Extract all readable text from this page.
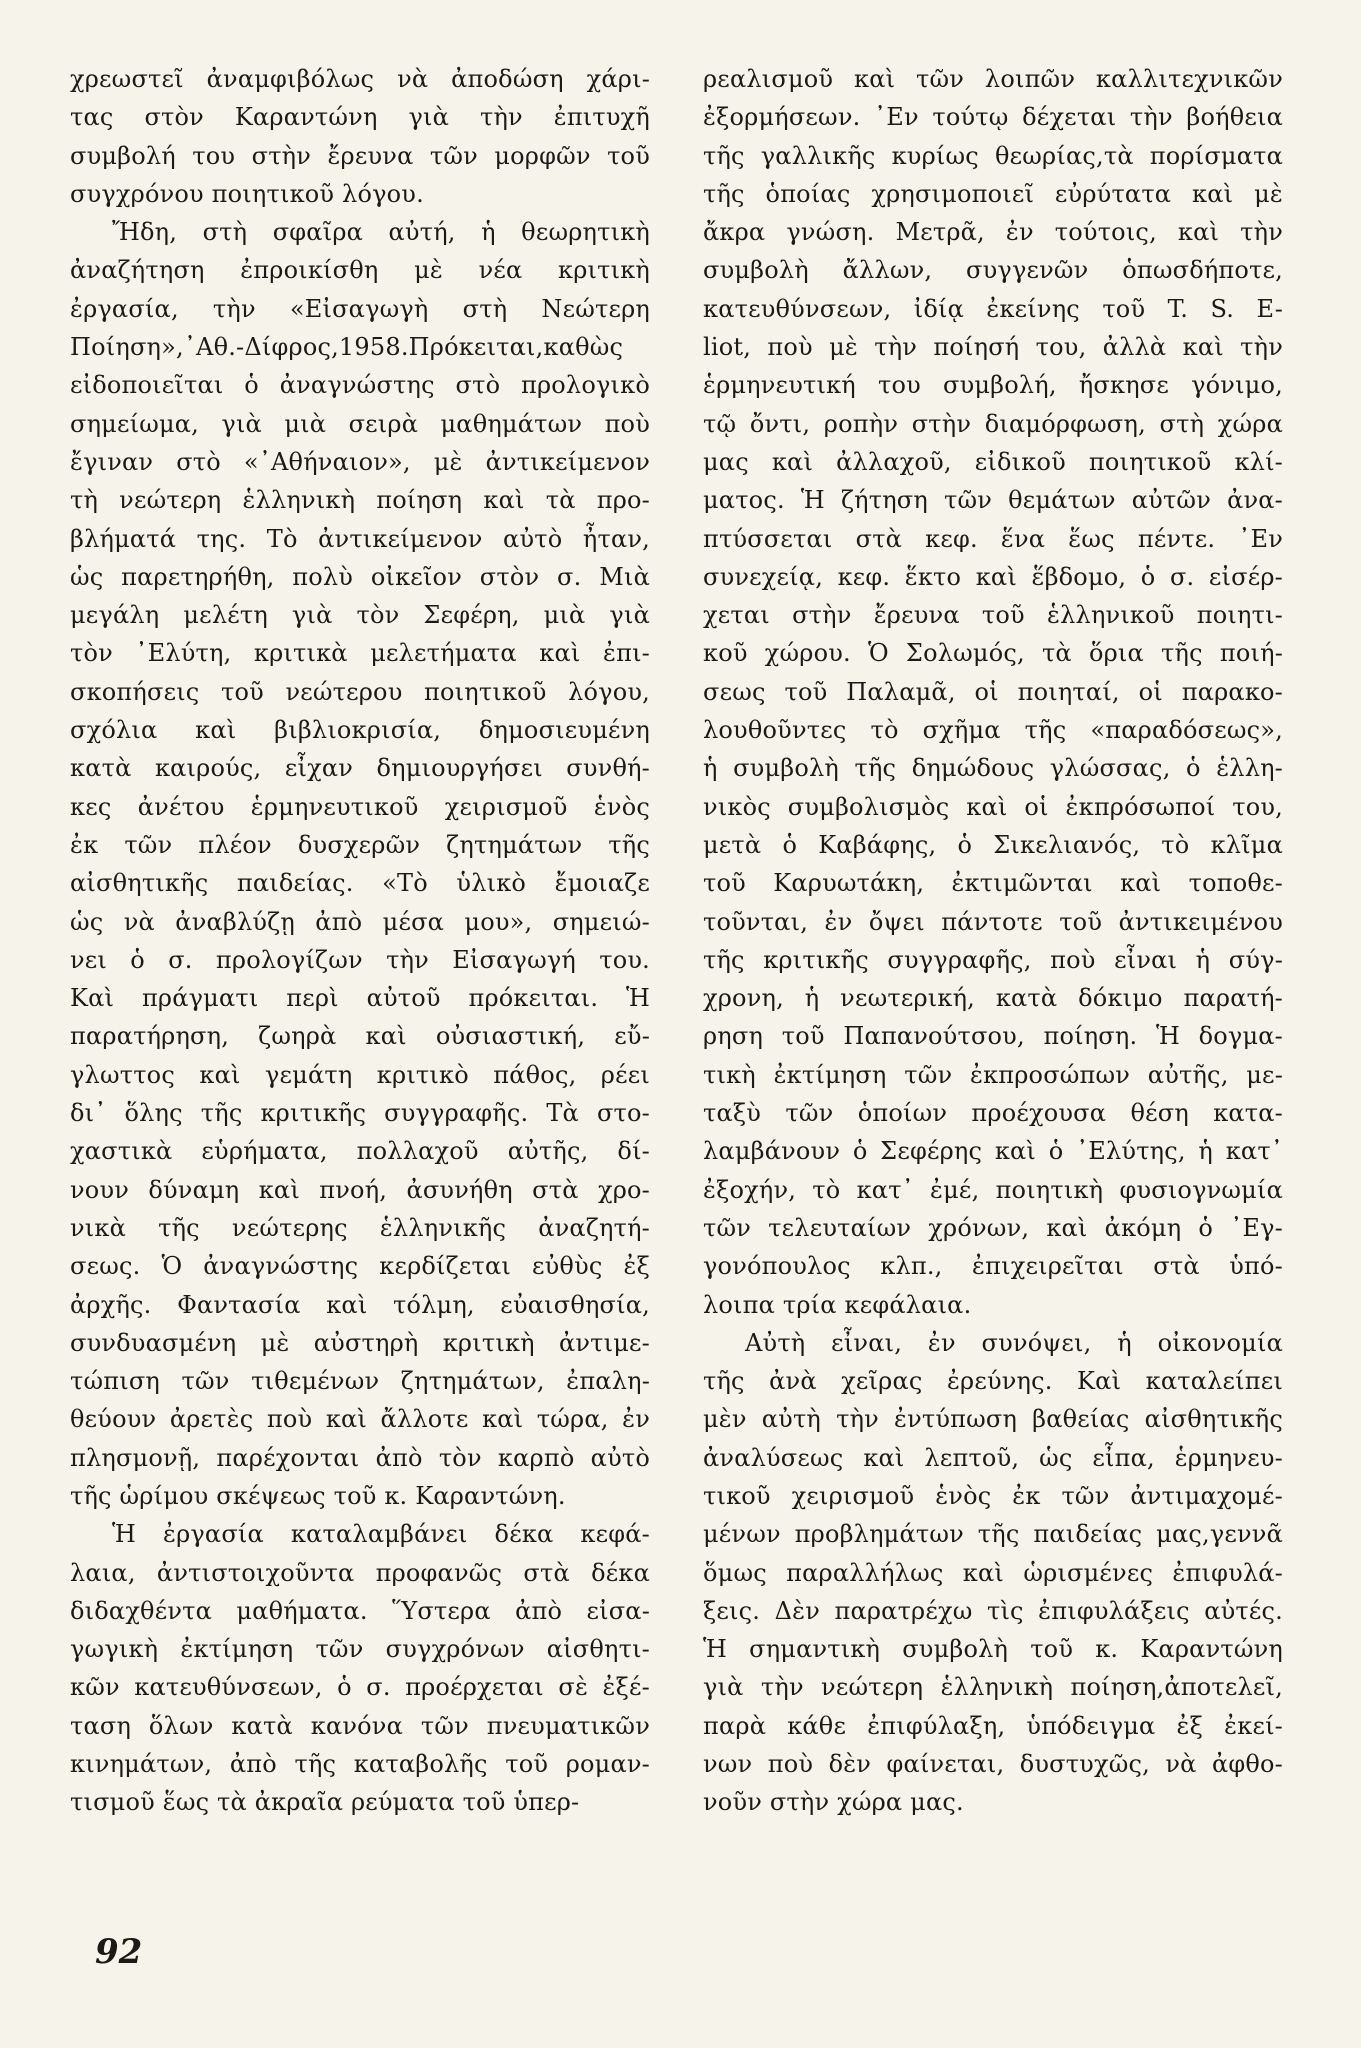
χρεωστεῖ ἀναμφιβόλως νὰ ἀποδώση χάρι-
τας στὸν Καραντώνη γιὰ τὴν ἐπιτυχῆ
συμβολή του στὴν ἔρευνα τῶν μορφῶν τοῦ
συγχρόνου ποιητικοῦ λόγου.
Ἤδη, στὴ σφαῖρα αὐτή, ἡ θεωρητικὴ
ἀναζήτηση ἐπροικίσθη μὲ νέα κριτικὴ
ἐργασία, τὴν «Εἰσαγωγὴ στὴ Νεώτερη
Ποίηση»,᾿Αθ.-Δίφρος,1958.Πρόκειται,καθὼς
εἰδοποιεῖται ὁ ἀναγνώστης στὸ προλογικὸ
σημείωμα, γιὰ μιὰ σειρὰ μαθημάτων ποὺ
ἔγιναν στὸ «᾿Αθήναιον», μὲ ἀντικείμενον
τὴ νεώτερη ἑλληνικὴ ποίηση καὶ τὰ προ-
βλήματά της. Τὸ ἀντικείμενον αὐτὸ ἦταν,
ὡς παρετηρήθη, πολὺ οἰκεῖον στὸν σ. Μιὰ
μεγάλη μελέτη γιὰ τὸν Σεφέρη, μιὰ γιὰ
τὸν ᾿Ελύτη, κριτικὰ μελετήματα καὶ ἐπι-
σκοπήσεις τοῦ νεώτερου ποιητικοῦ λόγου,
σχόλια καὶ βιβλιοκρισία, δημοσιευμένη
κατὰ καιρούς, εἶχαν δημιουργήσει συνθή-
κες ἀνέτου ἑρμηνευτικοῦ χειρισμοῦ ἑνὸς
ἐκ τῶν πλέον δυσχερῶν ζητημάτων τῆς
αἰσθητικῆς παιδείας. «Τὸ ὑλικὸ ἔμοιαζε
ὡς νὰ ἀναβλύζῃ ἀπὸ μέσα μου», σημειώ-
νει ὁ σ. προλογίζων τὴν Εἰσαγωγή του.
Καὶ πράγματι περὶ αὐτοῦ πρόκειται. Ἡ
παρατήρηση, ζωηρὰ καὶ οὐσιαστική, εὔ-
γλωττος καὶ γεμάτη κριτικὸ πάθος, ρέει
δι᾿ ὅλης τῆς κριτικῆς συγγραφῆς. Τὰ στο-
χαστικὰ εὑρήματα, πολλαχοῦ αὐτῆς, δί-
νουν δύναμη καὶ πνοή, ἀσυνήθη στὰ χρο-
νικὰ τῆς νεώτερης ἑλληνικῆς ἀναζητή-
σεως. Ὁ ἀναγνώστης κερδίζεται εὐθὺς ἐξ
ἀρχῆς. Φαντασία καὶ τόλμη, εὐαισθησία,
συνδυασμένη μὲ αὐστηρὴ κριτικὴ ἀντιμε-
τώπιση τῶν τιθεμένων ζητημάτων, ἐπαλη-
θεύουν ἀρετὲς ποὺ καὶ ἄλλοτε καὶ τώρα, ἐν
πλησμονῇ, παρέχονται ἀπὸ τὸν καρπὸ αὐτὸ
τῆς ὡρίμου σκέψεως τοῦ κ. Καραντώνη.
Ἡ ἐργασία καταλαμβάνει δέκα κεφά-
λαια, ἀντιστοιχοῦντα προφανῶς στὰ δέκα
διδαχθέντα μαθήματα. Ὕστερα ἀπὸ εἰσα-
γωγικὴ ἐκτίμηση τῶν συγχρόνων αἰσθητι-
κῶν κατευθύνσεων, ὁ σ. προέρχεται σὲ ἐξέ-
ταση ὅλων κατὰ κανόνα τῶν πνευματικῶν
κινημάτων, ἀπὸ τῆς καταβολῆς τοῦ ρομαν-
τισμοῦ ἕως τὰ ἀκραῖα ρεύματα τοῦ ὑπερ-
ρεαλισμοῦ καὶ τῶν λοιπῶν καλλιτεχνικῶν
ἐξορμήσεων. ᾿Εν τούτῳ δέχεται τὴν βοήθεια
τῆς γαλλικῆς κυρίως θεωρίας,τὰ πορίσματα
τῆς ὁποίας χρησιμοποιεῖ εὐρύτατα καὶ μὲ
ἄκρα γνώση. Μετρᾶ, ἐν τούτοις, καὶ τὴν
συμβολὴ ἄλλων, συγγενῶν ὁπωσδήποτε,
κατευθύνσεων, ἰδίᾳ ἐκείνης τοῦ T. S. E-
liot, ποὺ μὲ τὴν ποίησή του, ἀλλὰ καὶ τὴν
ἑρμηνευτική του συμβολή, ἤσκησε γόνιμο,
τῷ ὄντι, ροπὴν στὴν διαμόρφωση, στὴ χώρα
μας καὶ ἀλλαχοῦ, εἰδικοῦ ποιητικοῦ κλί-
ματος. Ἡ ζήτηση τῶν θεμάτων αὐτῶν ἀνα-
πτύσσεται στὰ κεφ. ἕνα ἕως πέντε. ᾿Εν
συνεχείᾳ, κεφ. ἕκτο καὶ ἕβδομο, ὁ σ. εἰσέρ-
χεται στὴν ἔρευνα τοῦ ἑλληνικοῦ ποιητι-
κοῦ χώρου. Ὁ Σολωμός, τὰ ὅρια τῆς ποιή-
σεως τοῦ Παλαμᾶ, οἱ ποιηταί, οἱ παρακο-
λουθοῦντες τὸ σχῆμα τῆς «παραδόσεως»,
ἡ συμβολὴ τῆς δημώδους γλώσσας, ὁ ἑλλη-
νικὸς συμβολισμὸς καὶ οἱ ἐκπρόσωποί του,
μετὰ ὁ Καβάφης, ὁ Σικελιανός, τὸ κλῖμα
τοῦ Καρυωτάκη, ἐκτιμῶνται καὶ τοποθε-
τοῦνται, ἐν ὄψει πάντοτε τοῦ ἀντικειμένου
τῆς κριτικῆς συγγραφῆς, ποὺ εἶναι ἡ σύγ-
χρονη, ἡ νεωτερική, κατὰ δόκιμο παρατή-
ρηση τοῦ Παπανούτσου, ποίηση. Ἡ δογμα-
τικὴ ἐκτίμηση τῶν ἐκπροσώπων αὐτῆς, με-
ταξὺ τῶν ὁποίων προέχουσα θέση κατα-
λαμβάνουν ὁ Σεφέρης καὶ ὁ ᾿Ελύτης, ἡ κατ᾿
ἐξοχήν, τὸ κατ᾿ ἐμέ, ποιητικὴ φυσιογνωμία
τῶν τελευταίων χρόνων, καὶ ἀκόμη ὁ ᾿Εγ-
γονόπουλος κλπ., ἐπιχειρεῖται στὰ ὑπό-
λοιπα τρία κεφάλαια.
Αὐτὴ εἶναι, ἐν συνόψει, ἡ οἰκονομία
τῆς ἀνὰ χεῖρας ἐρεύνης. Καὶ καταλείπει
μὲν αὐτὴ τὴν ἐντύπωση βαθείας αἰσθητικῆς
ἀναλύσεως καὶ λεπτοῦ, ὡς εἶπα, ἑρμηνευ-
τικοῦ χειρισμοῦ ἑνὸς ἐκ τῶν ἀντιμαχομέ-
μένων προβλημάτων τῆς παιδείας μας,γεννᾶ
ὅμως παραλλήλως καὶ ὡρισμένες ἐπιφυλά-
ξεις. Δὲν παρατρέχω τὶς ἐπιφυλάξεις αὐτές.
Ἡ σημαντικὴ συμβολὴ τοῦ κ. Καραντώνη
γιὰ τὴν νεώτερη ἑλληνικὴ ποίηση,ἀποτελεῖ,
παρὰ κάθε ἐπιφύλαξη, ὑπόδειγμα ἐξ ἐκεί-
νων ποὺ δὲν φαίνεται, δυστυχῶς, νὰ ἀφθο-
νοῦν στὴν χώρα μας.
92
